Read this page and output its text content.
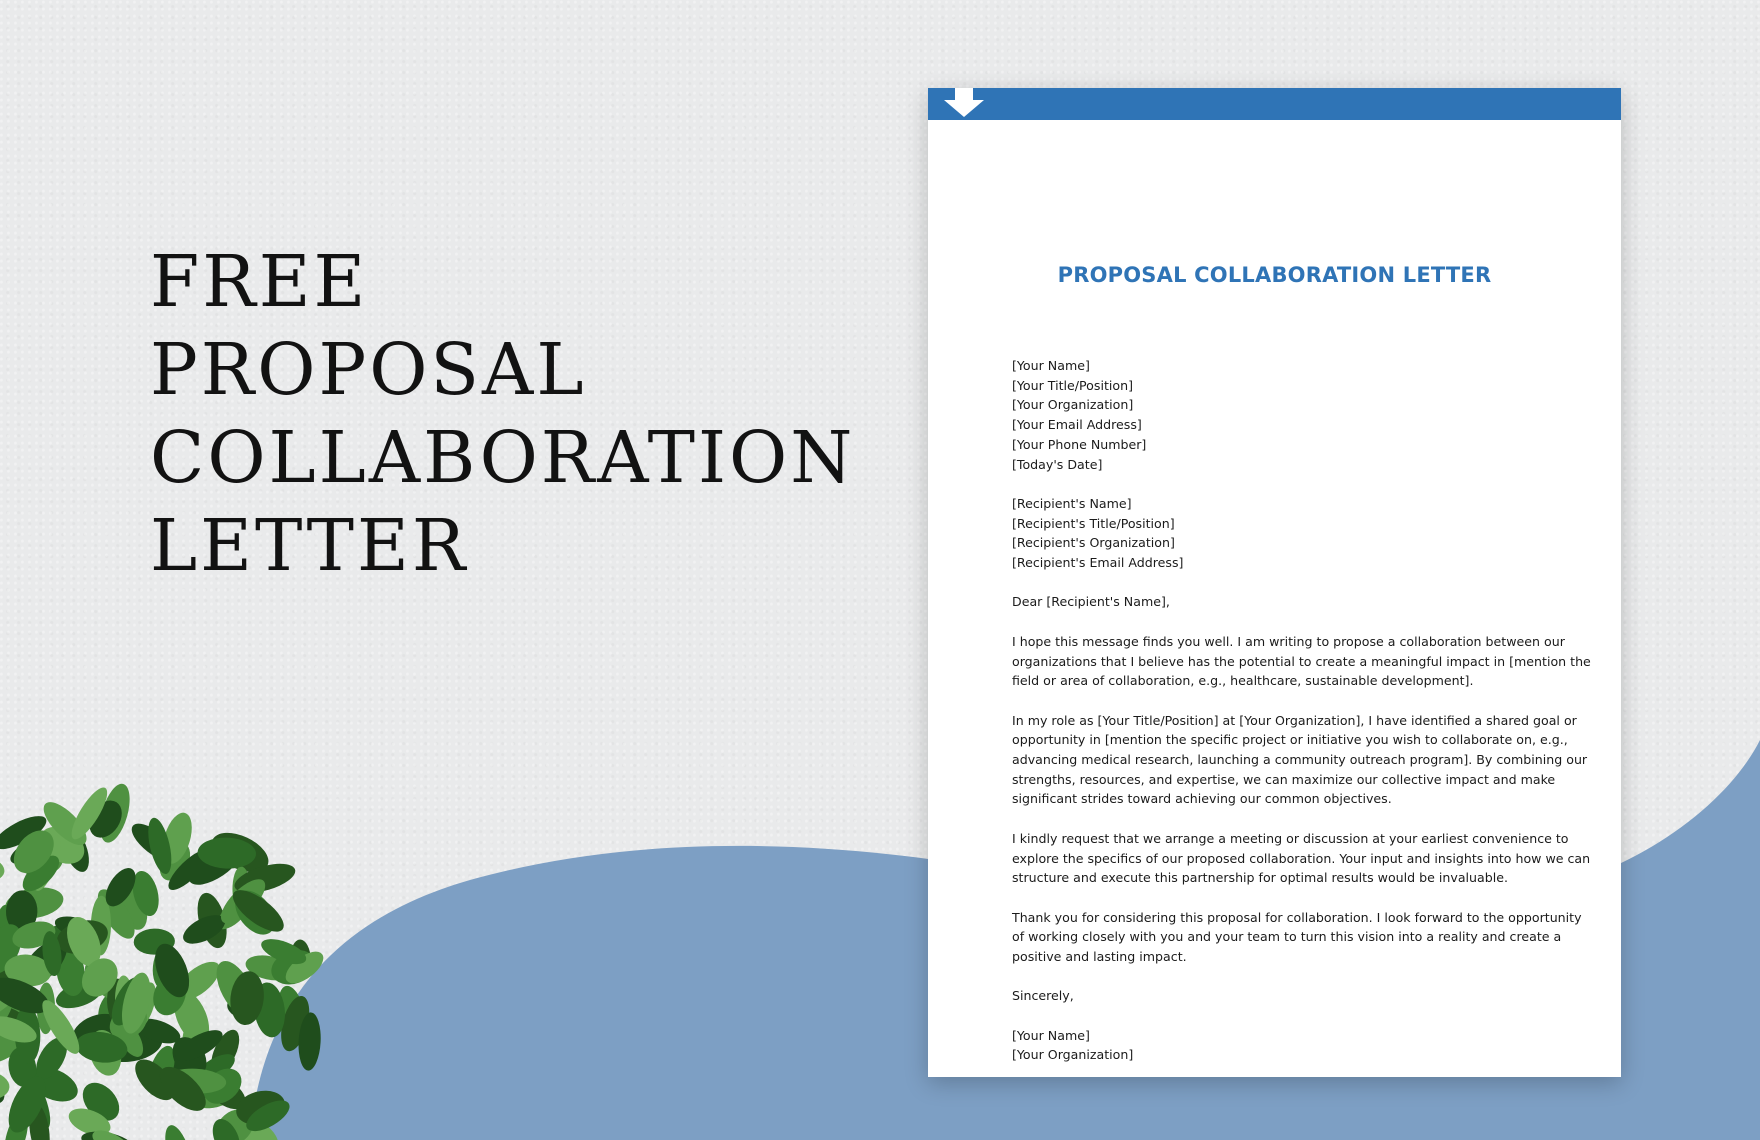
FREE
PROPOSAL
COLLABORATION
LETTER
PROPOSAL COLLABORATION LETTER
[Your Name]
[Your Title/Position]
[Your Organization]
[Your Email Address]
[Your Phone Number]
[Today's Date]
[Recipient's Name]
[Recipient's Title/Position]
[Recipient's Organization]
[Recipient's Email Address]
Dear [Recipient's Name],

I hope this message finds you well. I am writing to propose a collaboration between our
organizations that I believe has the potential to create a meaningful impact in [mention the
field or area of collaboration, e.g., healthcare, sustainable development].

In my role as [Your Title/Position] at [Your Organization], I have identified a shared goal or
opportunity in [mention the specific project or initiative you wish to collaborate on, e.g.,
advancing medical research, launching a community outreach program]. By combining our
strengths, resources, and expertise, we can maximize our collective impact and make
significant strides toward achieving our common objectives.

I kindly request that we arrange a meeting or discussion at your earliest convenience to
explore the specifics of our proposed collaboration. Your input and insights into how we can
structure and execute this partnership for optimal results would be invaluable.

Thank you for considering this proposal for collaboration. I look forward to the opportunity
of working closely with you and your team to turn this vision into a reality and create a
positive and lasting impact.

Sincerely,
[Your Name]
[Your Organization]
